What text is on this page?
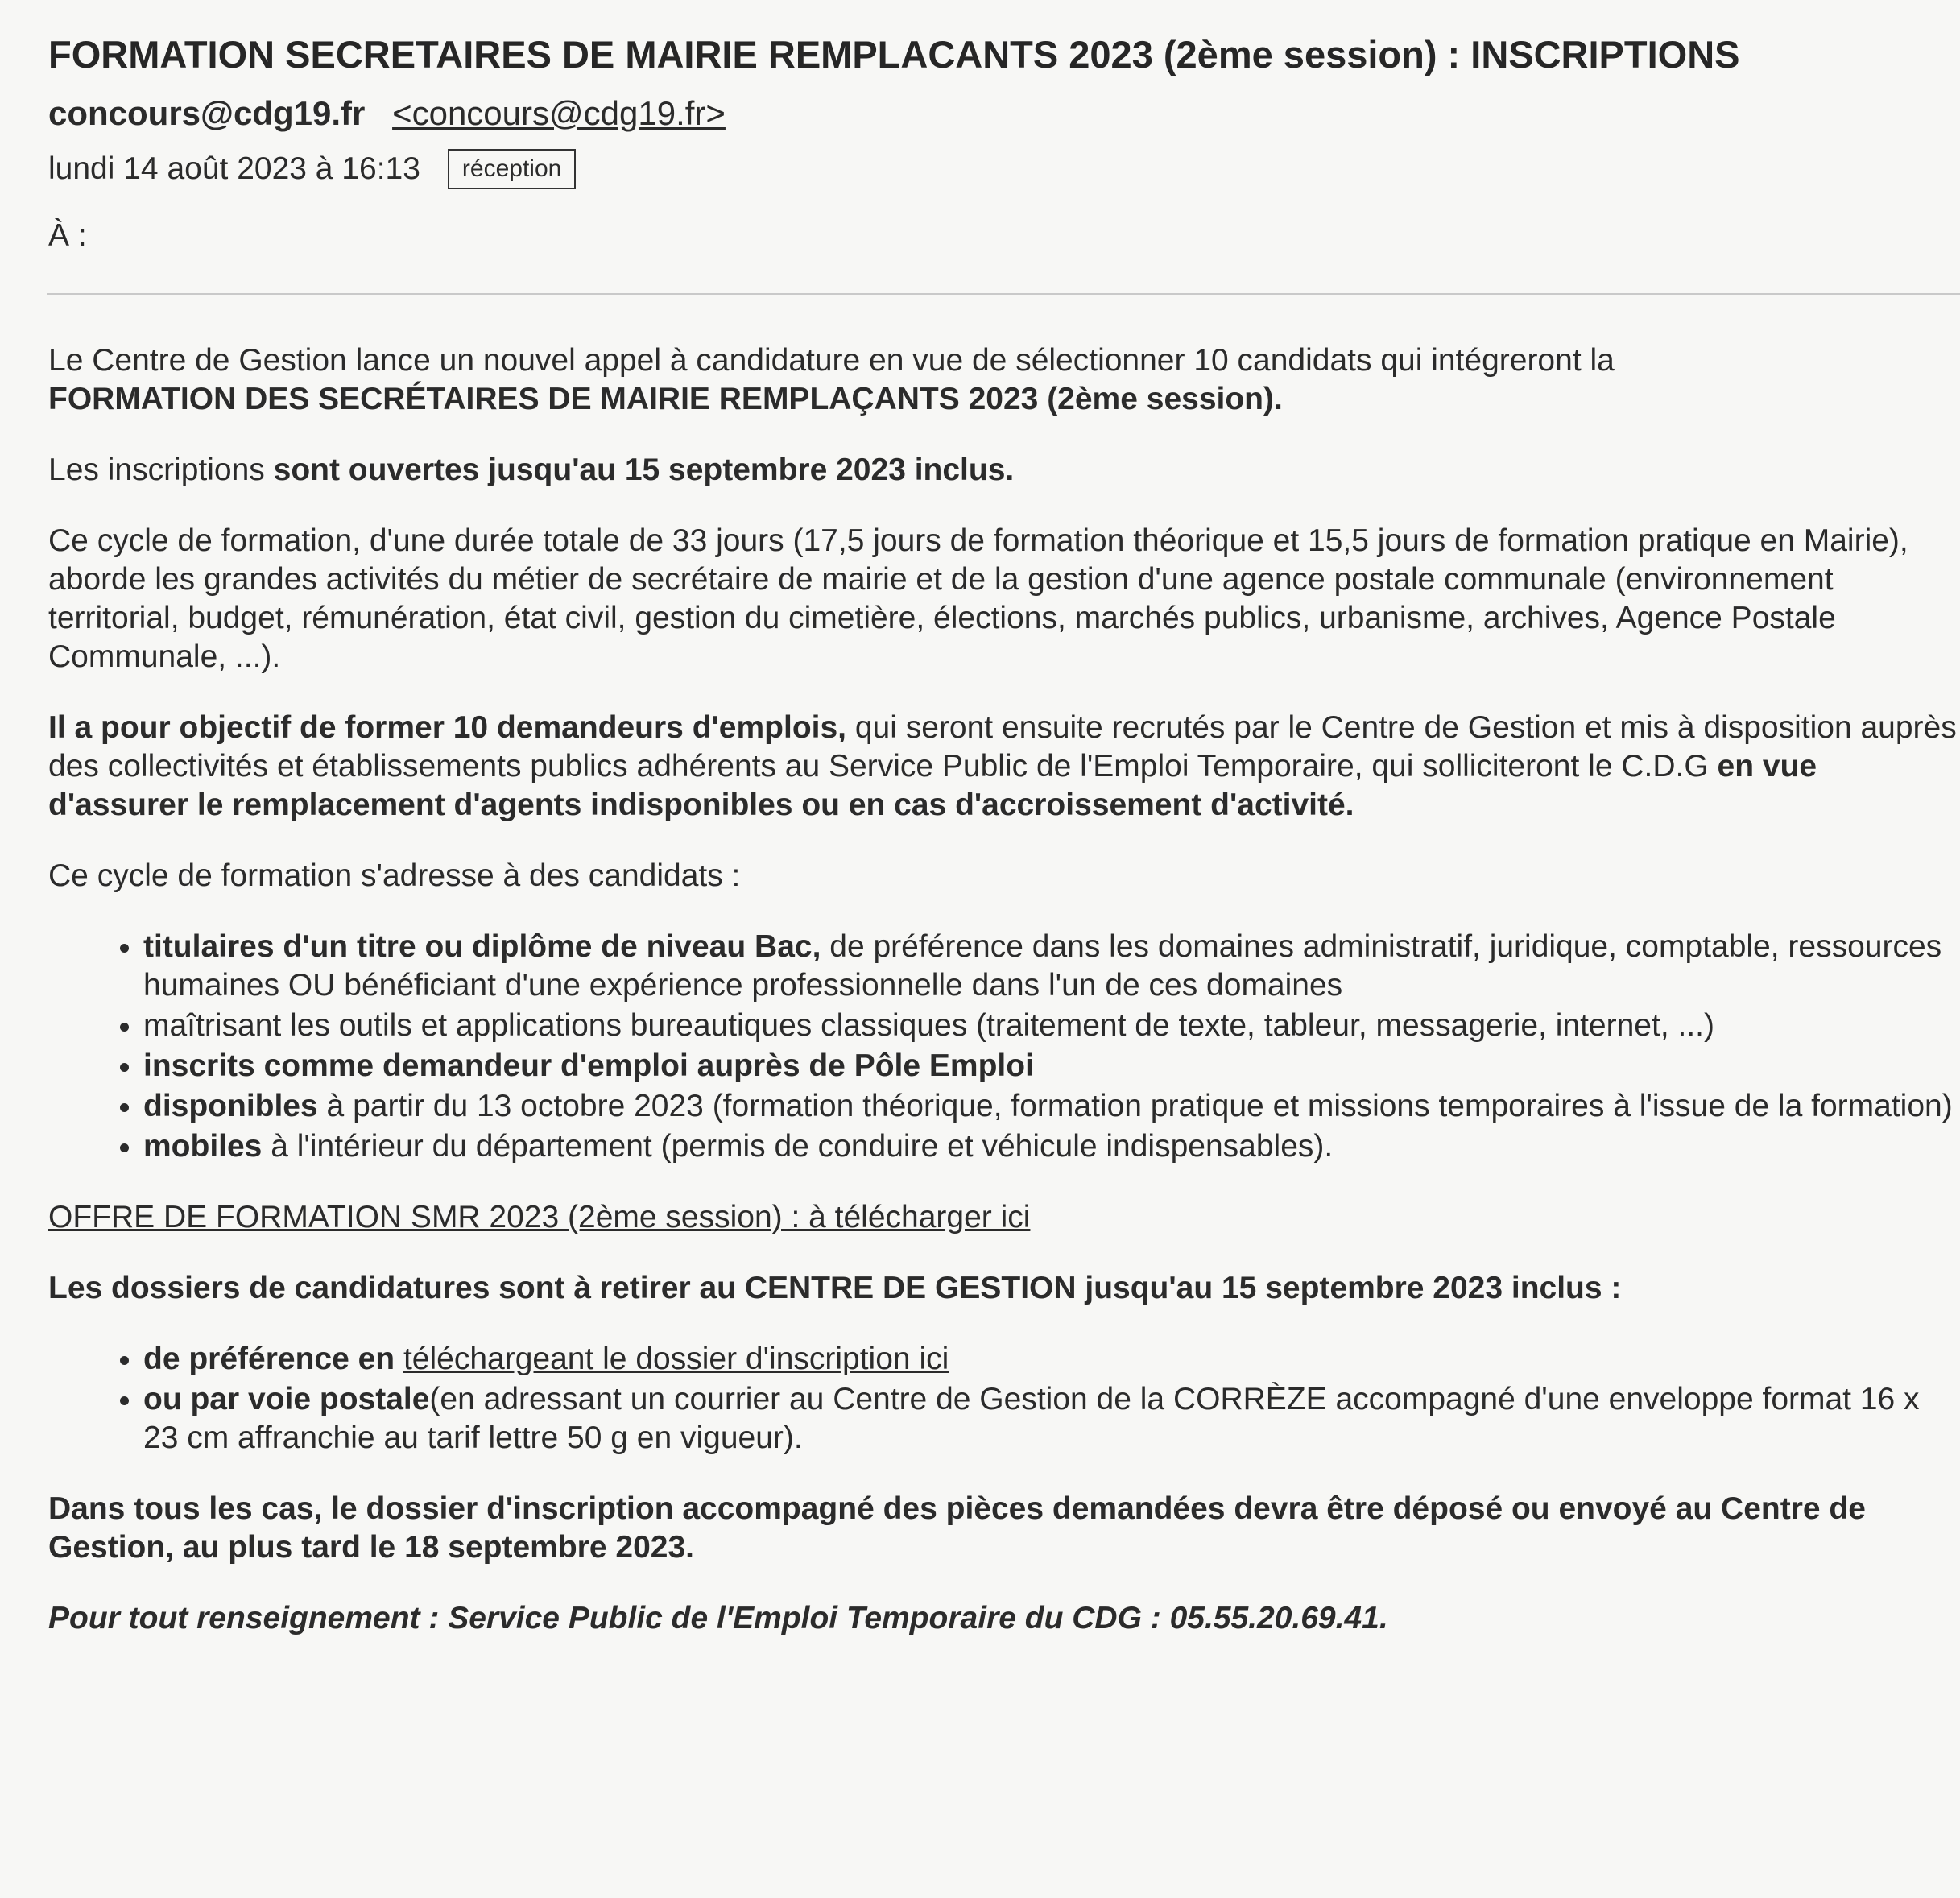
FORMATION SECRETAIRES DE MAIRIE REMPLACANTS 2023 (2ème session) : INSCRIPTIONS
concours@cdg19.fr <concours@cdg19.fr>
lundi 14 août 2023 à 16:13	réception
À :

Le Centre de Gestion lance un nouvel appel à candidature en vue de sélectionner 10 candidats qui intégreront la
FORMATION DES SECRÉTAIRES DE MAIRIE REMPLAÇANTS 2023 (2ème session).

Les inscriptions sont ouvertes jusqu'au 15 septembre 2023 inclus.

Ce cycle de formation, d'une durée totale de 33 jours (17,5 jours de formation théorique et 15,5 jours de formation pratique en Mairie), aborde les grandes activités du métier de secrétaire de mairie et de la gestion d'une agence postale communale (environnement territorial, budget, rémunération, état civil, gestion du cimetière, élections, marchés publics, urbanisme, archives, Agence Postale Communale, ...).

Il a pour objectif de former 10 demandeurs d'emplois, qui seront ensuite recrutés par le Centre de Gestion et mis à disposition auprès des collectivités et établissements publics adhérents au Service Public de l'Emploi Temporaire, qui solliciteront le C.D.G en vue d'assurer le remplacement d'agents indisponibles ou en cas d'accroissement d'activité.

Ce cycle de formation s'adresse à des candidats :

• titulaires d'un titre ou diplôme de niveau Bac, de préférence dans les domaines administratif, juridique, comptable, ressources humaines OU bénéficiant d'une expérience professionnelle dans l'un de ces domaines
• maîtrisant les outils et applications bureautiques classiques (traitement de texte, tableur, messagerie, internet, ...)
• inscrits comme demandeur d'emploi auprès de Pôle Emploi
• disponibles à partir du 13 octobre 2023 (formation théorique, formation pratique et missions temporaires à l'issue de la formation)
• mobiles à l'intérieur du département (permis de conduire et véhicule indispensables).

OFFRE DE FORMATION SMR 2023 (2ème session) : à télécharger ici

Les dossiers de candidatures sont à retirer au CENTRE DE GESTION jusqu'au 15 septembre 2023 inclus :

• de préférence en téléchargeant le dossier d'inscription ici
• ou par voie postale(en adressant un courrier au Centre de Gestion de la CORRÈZE accompagné d'une enveloppe format 16 x 23 cm affranchie au tarif lettre 50 g en vigueur).

Dans tous les cas, le dossier d'inscription accompagné des pièces demandées devra être déposé ou envoyé au Centre de Gestion, au plus tard le 18 septembre 2023.

Pour tout renseignement : Service Public de l'Emploi Temporaire du CDG : 05.55.20.69.41.
